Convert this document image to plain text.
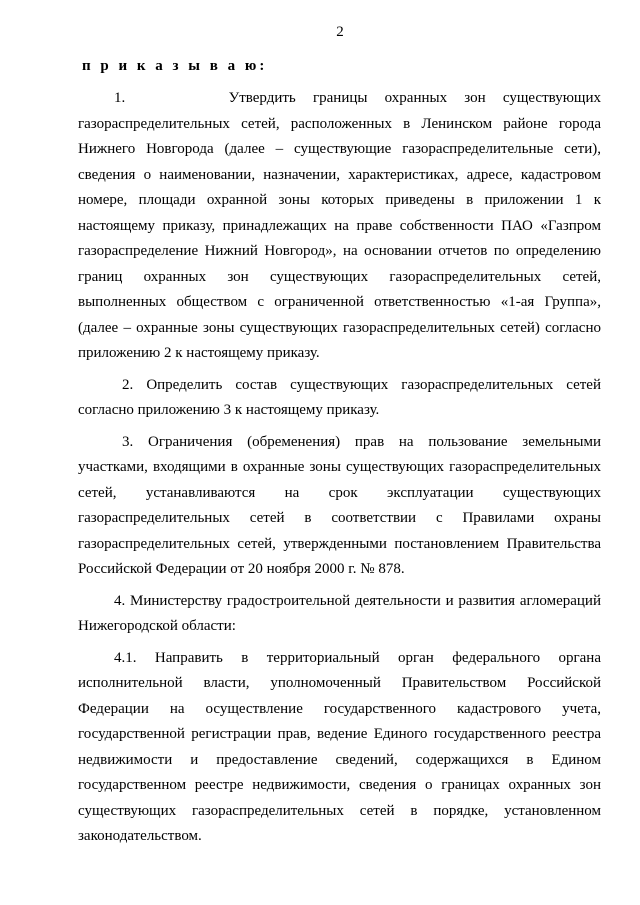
2
п р и к а з ы в а ю:

1.      Утвердить границы охранных зон существующих газораспределительных сетей, расположенных в Ленинском районе города Нижнего Новгорода (далее – существующие газораспределительные сети), сведения о наименовании, назначении, характеристиках, адресе, кадастровом номере, площади охранной зоны которых приведены в приложении 1 к настоящему приказу, принадлежащих на праве собственности ПАО «Газпром газораспределение Нижний Новгород», на основании отчетов по определению границ охранных зон существующих газораспределительных сетей, выполненных обществом с ограниченной ответственностью «1-ая Группа», (далее – охранные зоны существующих газораспределительных сетей) согласно приложению 2 к настоящему приказу.

2. Определить состав существующих газораспределительных сетей согласно приложению 3 к настоящему приказу.

3. Ограничения (обременения) прав на пользование земельными участками, входящими в охранные зоны существующих газораспределительных сетей, устанавливаются на срок эксплуатации существующих газораспределительных сетей в соответствии с Правилами охраны газораспределительных сетей, утвержденными постановлением Правительства Российской Федерации от 20 ноября 2000 г. № 878.

4. Министерству градостроительной деятельности и развития агломераций Нижегородской области:

4.1. Направить в территориальный орган федерального органа исполнительной власти, уполномоченный Правительством Российской Федерации на осуществление государственного кадастрового учета, государственной регистрации прав, ведение Единого государственного реестра недвижимости и предоставление сведений, содержащихся в Едином государственном реестре недвижимости, сведения о границах охранных зон существующих газораспределительных сетей в порядке, установленном законодательством.
